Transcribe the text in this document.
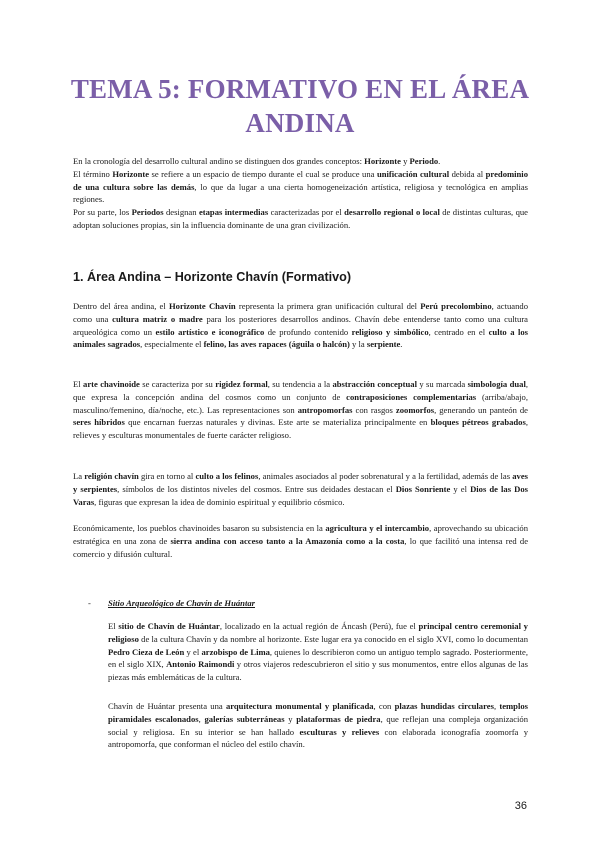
TEMA 5: FORMATIVO EN EL ÁREA ANDINA
En la cronología del desarrollo cultural andino se distinguen dos grandes conceptos: Horizonte y Periodo.
El término Horizonte se refiere a un espacio de tiempo durante el cual se produce una unificación cultural debida al predominio de una cultura sobre las demás, lo que da lugar a una cierta homogeneización artística, religiosa y tecnológica en amplias regiones.
Por su parte, los Periodos designan etapas intermedias caracterizadas por el desarrollo regional o local de distintas culturas, que adoptan soluciones propias, sin la influencia dominante de una gran civilización.
1. Área Andina – Horizonte Chavín (Formativo)
Dentro del área andina, el Horizonte Chavín representa la primera gran unificación cultural del Perú precolombino, actuando como una cultura matriz o madre para los posteriores desarrollos andinos. Chavín debe entenderse tanto como una cultura arqueológica como un estilo artístico e iconográfico de profundo contenido religioso y simbólico, centrado en el culto a los animales sagrados, especialmente el felino, las aves rapaces (águila o halcón) y la serpiente.
El arte chavinoide se caracteriza por su rigidez formal, su tendencia a la abstracción conceptual y su marcada simbología dual, que expresa la concepción andina del cosmos como un conjunto de contraposiciones complementarias (arriba/abajo, masculino/femenino, día/noche, etc.). Las representaciones son antropomorfas con rasgos zoomorfos, generando un panteón de seres híbridos que encarnan fuerzas naturales y divinas. Este arte se materializa principalmente en bloques pétreos grabados, relieves y esculturas monumentales de fuerte carácter religioso.
La religión chavín gira en torno al culto a los felinos, animales asociados al poder sobrenatural y a la fertilidad, además de las aves y serpientes, símbolos de los distintos niveles del cosmos. Entre sus deidades destacan el Dios Sonriente y el Dios de las Dos Varas, figuras que expresan la idea de dominio espiritual y equilibrio cósmico.
Económicamente, los pueblos chavinoides basaron su subsistencia en la agricultura y el intercambio, aprovechando su ubicación estratégica en una zona de sierra andina con acceso tanto a la Amazonía como a la costa, lo que facilitó una intensa red de comercio y difusión cultural.
- Sitio Arqueológico de Chavín de Huántar
El sitio de Chavín de Huántar, localizado en la actual región de Áncash (Perú), fue el principal centro ceremonial y religioso de la cultura Chavín y da nombre al horizonte. Este lugar era ya conocido en el siglo XVI, como lo documentan Pedro Cieza de León y el arzobispo de Lima, quienes lo describieron como un antiguo templo sagrado. Posteriormente, en el siglo XIX, Antonio Raimondi y otros viajeros redescubrieron el sitio y sus monumentos, entre ellos algunas de las piezas más emblemáticas de la cultura.
Chavín de Huántar presenta una arquitectura monumental y planificada, con plazas hundidas circulares, templos piramidales escalonados, galerías subterráneas y plataformas de piedra, que reflejan una compleja organización social y religiosa. En su interior se han hallado esculturas y relieves con elaborada iconografía zoomorfa y antropomorfa, que conforman el núcleo del estilo chavín.
36
